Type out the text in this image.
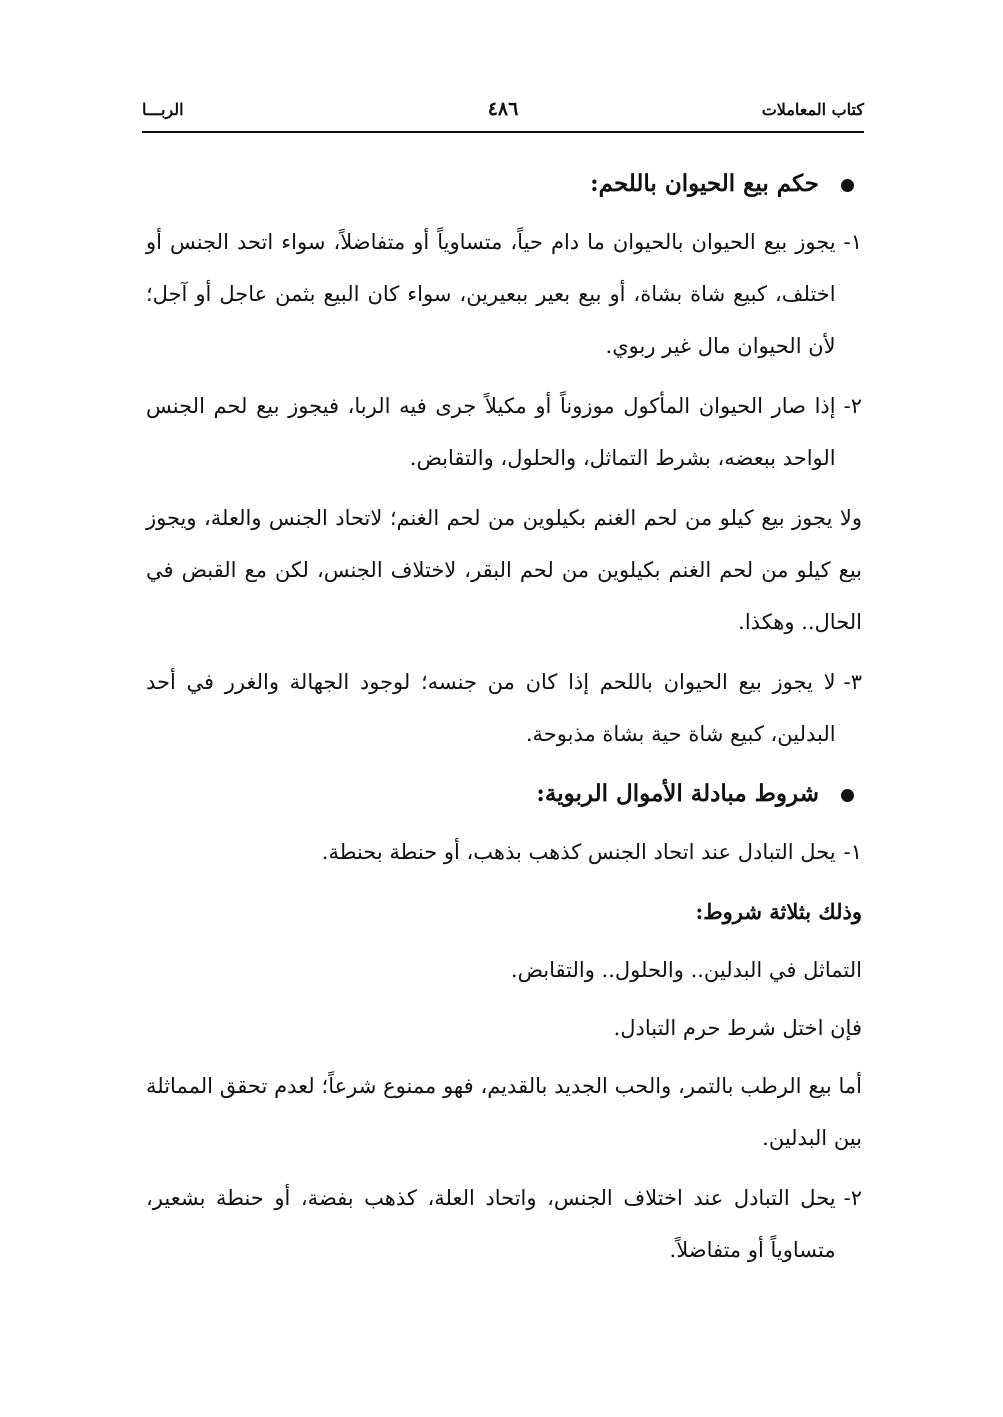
كتاب المعاملات
٤٨٦
الربـــا
حكم بيع الحيوان باللحم:
١-
يجوز بيع الحيوان بالحيوان ما دام حياً، متساوياً أو متفاضلاً، سواء اتحد الجنس أو اختلف، كبيع شاة بشاة، أو بيع بعير ببعيرين، سواء كان البيع بثمن عاجل أو آجل؛ لأن الحيوان مال غير ربوي.
٢-
إذا صار الحيوان المأكول موزوناً أو مكيلاً جرى فيه الربا، فيجوز بيع لحم الجنس الواحد ببعضه، بشرط التماثل، والحلول، والتقابض.
ولا يجوز بيع كيلو من لحم الغنم بكيلوين من لحم الغنم؛ لاتحاد الجنس والعلة، ويجوز بيع كيلو من لحم الغنم بكيلوين من لحم البقر، لاختلاف الجنس، لكن مع القبض في الحال.. وهكذا.
٣-
لا يجوز بيع الحيوان باللحم إذا كان من جنسه؛ لوجود الجهالة والغرر في أحد البدلين، كبيع شاة حية بشاة مذبوحة.
شروط مبادلة الأموال الربوية:
١-
يحل التبادل عند اتحاد الجنس كذهب بذهب، أو حنطة بحنطة.
وذلك بثلاثة شروط:
التماثل في البدلين.. والحلول.. والتقابض.
فإن اختل شرط حرم التبادل.
أما بيع الرطب بالتمر، والحب الجديد بالقديم، فهو ممنوع شرعاً؛ لعدم تحقق المماثلة بين البدلين.
٢-
يحل التبادل عند اختلاف الجنس، واتحاد العلة، كذهب بفضة، أو حنطة بشعير، متساوياً أو متفاضلاً.
